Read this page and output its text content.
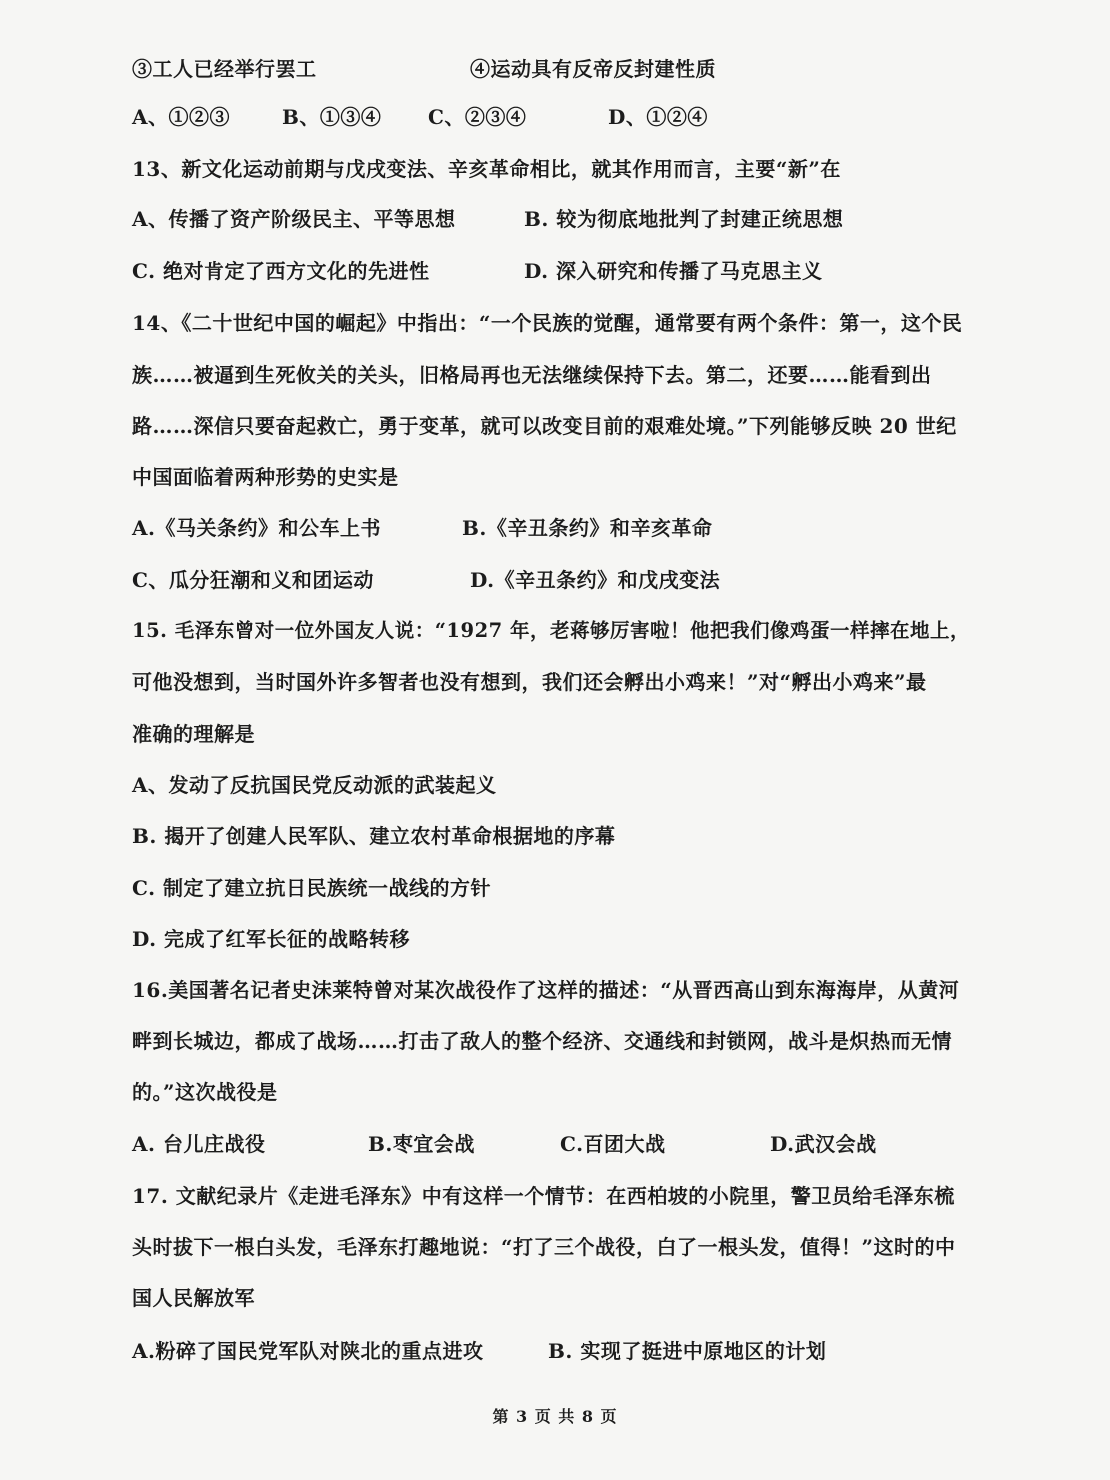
③工人已经举行罢工	④运动具有反帝反封建性质
A、①②③	B、①③④ C、②③④	D、①②④
13、新文化运动前期与戊戌变法、辛亥革命相比，就其作用而言，主要“新”在
A、传播了资产阶级民主、平等思想	B. 较为彻底地批判了封建正统思想
C. 绝对肯定了西方文化的先进性	D. 深入研究和传播了马克思主义
14、《二十世纪中国的崛起》中指出：“一个民族的觉醒，通常要有两个条件：第一，这个民
族……被逼到生死攸关的关头，旧格局再也无法继续保持下去。第二，还要……能看到出
路……深信只要奋起救亡，勇于变革，就可以改变目前的艰难处境。”下列能够反映 20 世纪
中国面临着两种形势的史实是
A.《马关条约》和公车上书	B.《辛丑条约》和辛亥革命
C、瓜分狂潮和义和团运动	D.《辛丑条约》和戊戌变法
15. 毛泽东曾对一位外国友人说：“1927 年，老蒋够厉害啦！他把我们像鸡蛋一样摔在地上，
可他没想到，当时国外许多智者也没有想到，我们还会孵出小鸡来！”对“孵出小鸡来”最
准确的理解是
A、发动了反抗国民党反动派的武装起义
B. 揭开了创建人民军队、建立农村革命根据地的序幕
C. 制定了建立抗日民族统一战线的方针
D. 完成了红军长征的战略转移
16.美国著名记者史沫莱特曾对某次战役作了这样的描述：“从晋西高山到东海海岸，从黄河
畔到长城边，都成了战场……打击了敌人的整个经济、交通线和封锁网，战斗是炽热而无情
的。”这次战役是
A. 台儿庄战役	B.枣宜会战	C.百团大战	D.武汉会战
17. 文献纪录片《走进毛泽东》中有这样一个情节：在西柏坡的小院里，警卫员给毛泽东梳
头时拔下一根白头发，毛泽东打趣地说：“打了三个战役，白了一根头发，值得！”这时的中
国人民解放军
A.粉碎了国民党军队对陕北的重点进攻	B. 实现了挺进中原地区的计划
第 3 页 共 8 页
